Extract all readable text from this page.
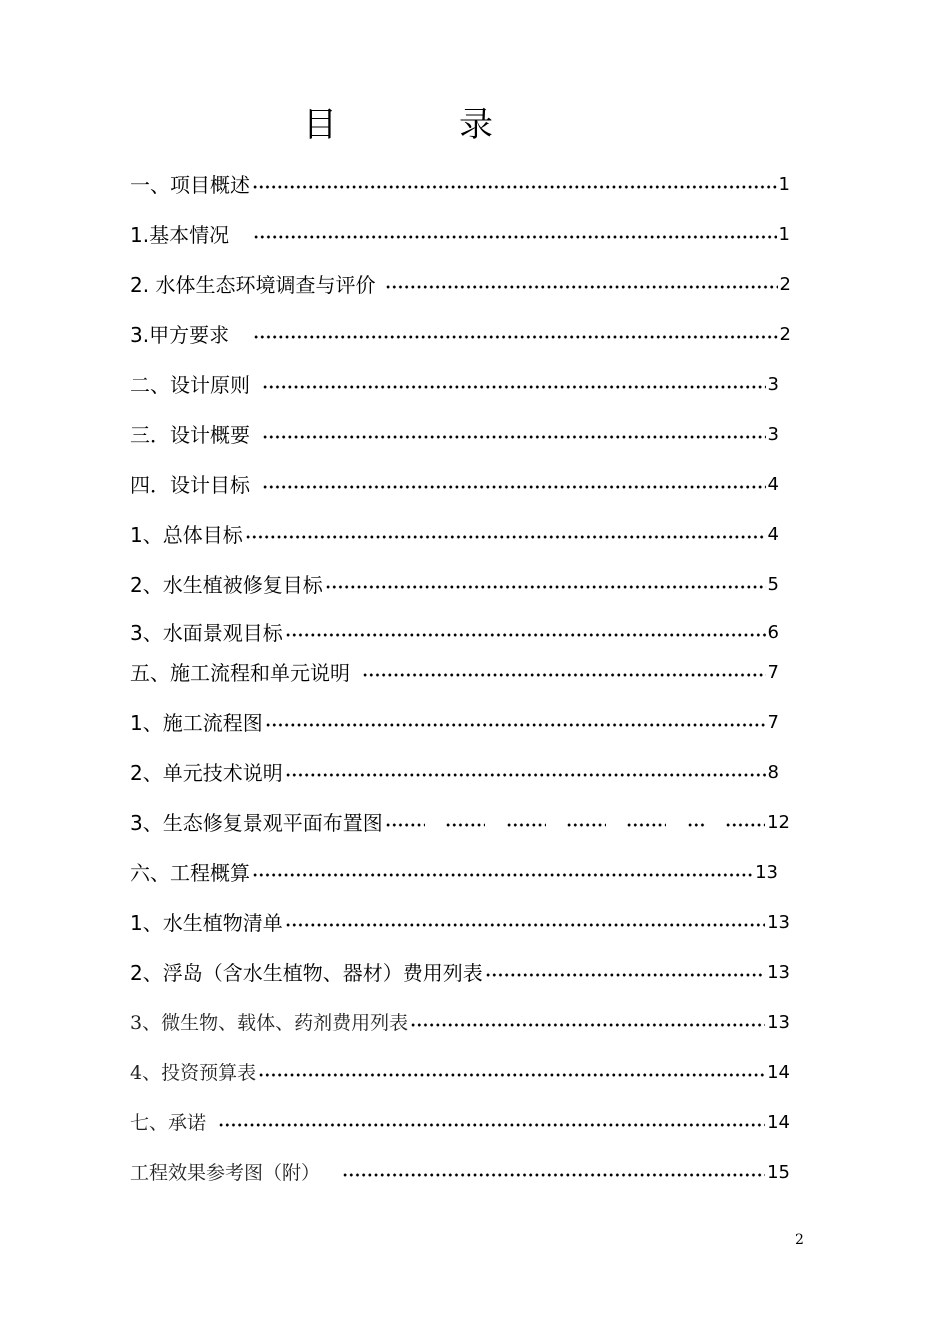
目　录
一、项目概述	1
1.基本情况	1
2. 水体生态环境调查与评价	2
3.甲方要求	2
二、设计原则	3
三．设计概要	3
四．设计目标	4
1、总体目标	4
2、水生植被修复目标	5
3、水面景观目标	6
五、施工流程和单元说明	7
1、施工流程图	7
2、单元技术说明	8
3、生态修复景观平面布置图	12
六、工程概算	13
1、水生植物清单	13
2、浮岛（含水生植物、器材）费用列表	13
3、微生物、载体、药剂费用列表	13
4、投资预算表	14
七、承诺	14
工程效果参考图（附）	15
2
